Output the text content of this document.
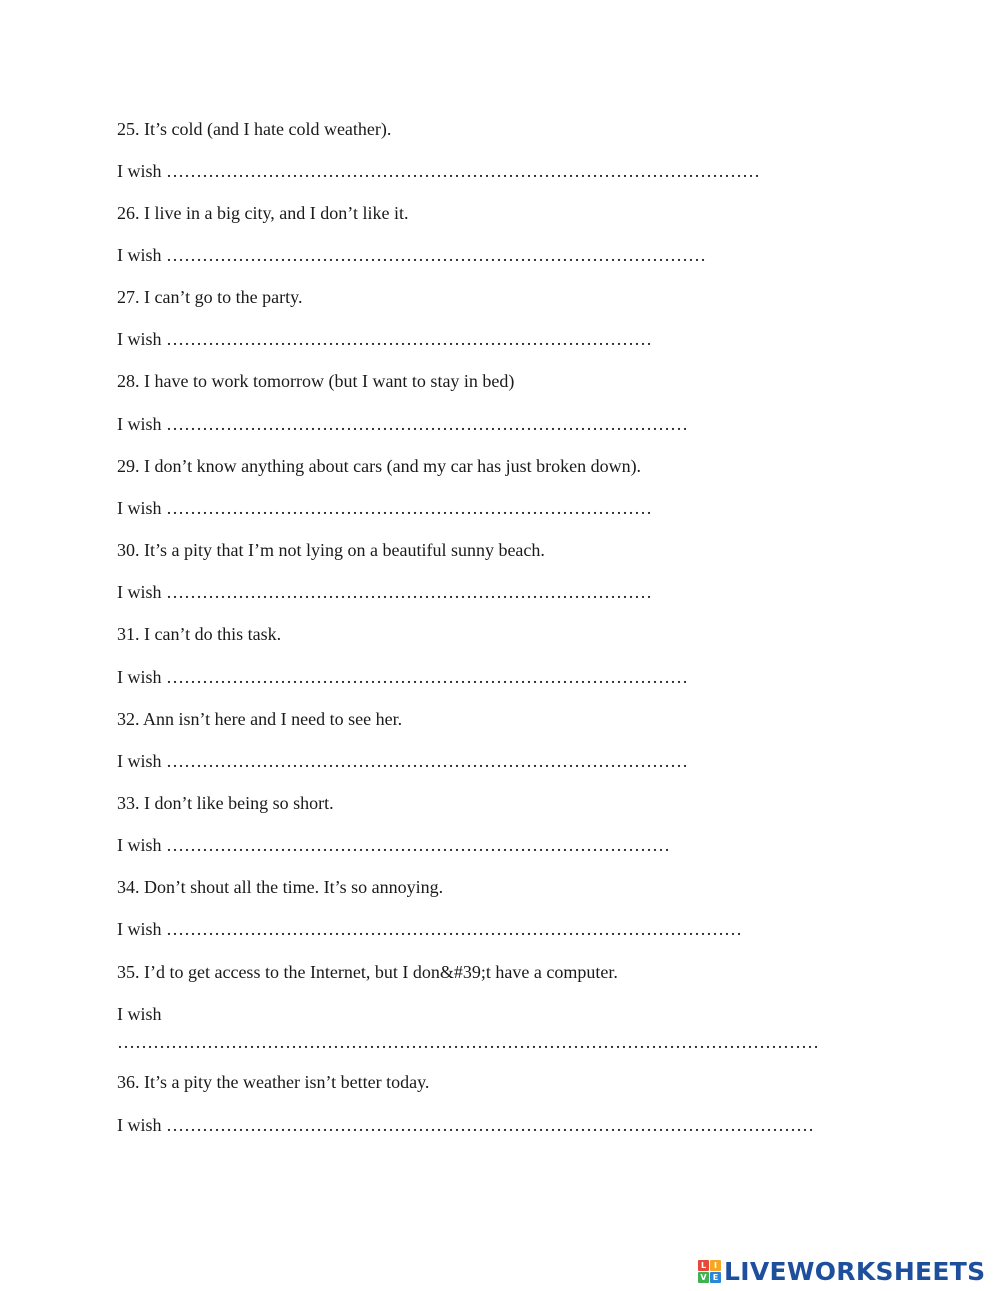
25. It’s cold (and I hate cold weather).
I wish ………………………………………………………………………………………
26. I live in a big city, and I don’t like it.
I wish ………………………………………………………………………………
27. I can’t go to the party.
I wish ………………………………………………………………………
28. I have to work tomorrow (but I want to stay in bed)
I wish ……………………………………………………………………………
29. I don’t know anything about cars (and my car has just broken down).
I wish ………………………………………………………………………
30. It’s a pity that I’m not lying on a beautiful sunny beach.
I wish ………………………………………………………………………
31. I can’t do this task.
I wish ……………………………………………………………………………
32. Ann isn’t here and I need to see her.
I wish ……………………………………………………………………………
33. I don’t like being so short.
I wish …………………………………………………………………………
34. Don’t shout all the time. It’s so annoying.
I wish ……………………………………………………………………………………
35. I’d to get access to the Internet, but I don&#39;t have a computer.
I wish
………………………………………………………………………………………………………
36. It’s a pity the weather isn’t better today.
I wish ………………………………………………………………………………………………
L I
V E LIVEWORKSHEETS
